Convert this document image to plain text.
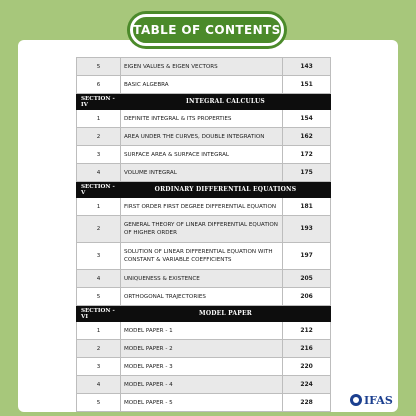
TABLE OF CONTENTS
5	EIGEN VALUES & EIGEN VECTORS	143
6	BASIC ALGEBRA	151
SECTION - IV	INTEGRAL CALCULUS	
1	DEFINITE INTEGRAL & ITS PROPERTIES	154
2	AREA UNDER THE CURVES, DOUBLE INTEGRATION	162
3	SURFACE AREA & SURFACE INTEGRAL	172
4	VOLUME INTEGRAL	175
SECTION - V	ORDINARY DIFFERENTIAL EQUATIONS	
1	FIRST ORDER FIRST DEGREE DIFFERENTIAL EQUATION	181
2	GENERAL THEORY OF LINEAR DIFFERENTIAL EQUATION OF HIGHER ORDER	193
3	SOLUTION OF LINEAR DIFFERENTIAL EQUATION WITH CONSTANT & VARIABLE COEFFICIENTS	197
4	UNIQUENESS & EXISTENCE	205
5	ORTHOGONAL TRAJECTORIES	206
SECTION - VI	MODEL PAPER	
1	MODEL PAPER - 1	212
2	MODEL PAPER - 2	216
3	MODEL PAPER - 3	220
4	MODEL PAPER - 4	224
5	MODEL PAPER - 5	228	IFAS
